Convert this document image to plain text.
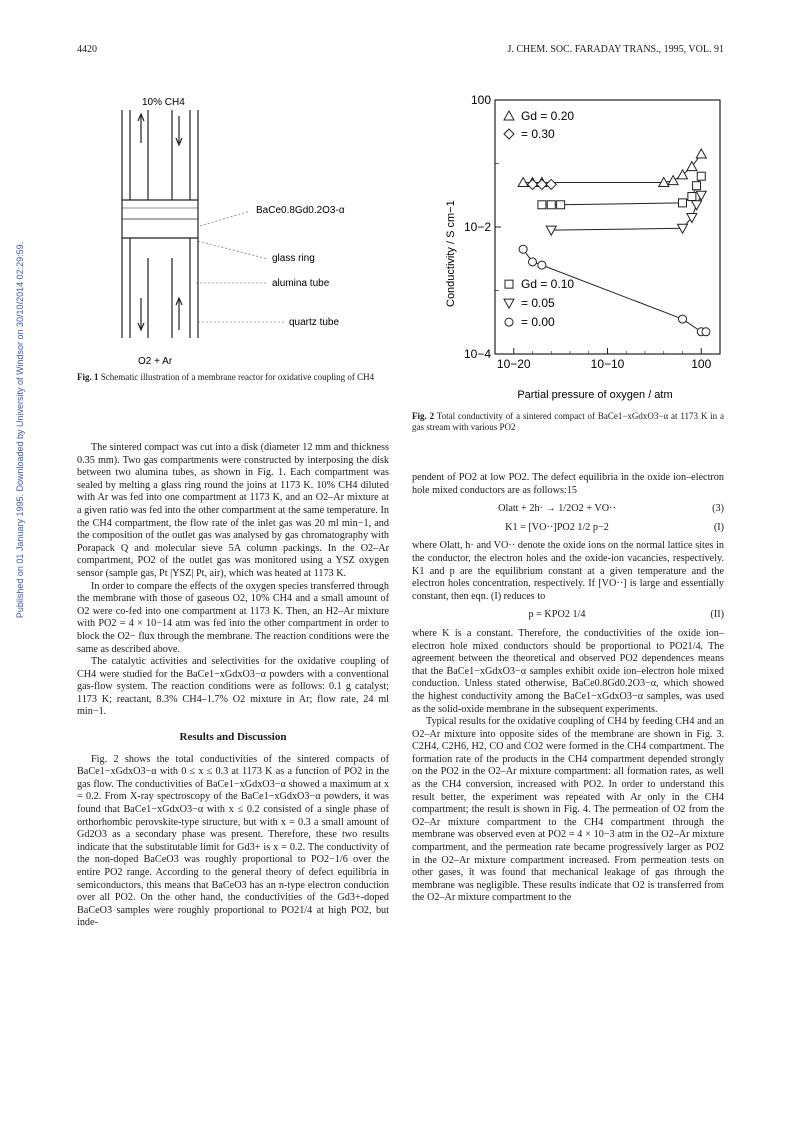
4420	J. CHEM. SOC. FARADAY TRANS., 1995, VOL. 91
Published on 01 January 1995. Downloaded by University of Windsor on 30/10/2014 02:29:59.
10% CH4
BaCe0.8Gd0.2O3-α
glass ring
alumina tube
quartz tube
O2 + Ar
Fig. 1 Schematic illustration of a membrane reactor for oxidative coupling of CH4
Conductivity / S cm−1
Partial pressure of oxygen / atm
10−20	10−10	100
100
10−2
10−4
Gd = 0.20
= 0.30
Gd = 0.10
= 0.05
= 0.00
Fig. 2 Total conductivity of a sintered compact of BaCe1−xGdxO3−α at 1173 K in a gas stream with various PO2

The sintered compact was cut into a disk (diameter 12 mm and thickness 0.35 mm). Two gas compartments were constructed by interposing the disk between two alumina tubes, as shown in Fig. 1. Each compartment was sealed by melting a glass ring round the joins at 1173 K. 10% CH4 diluted with Ar was fed into one compartment at 1173 K, and an O2–Ar mixture at a given ratio was fed into the other compartment at the same temperature. In the CH4 compartment, the flow rate of the inlet gas was 20 ml min−1, and the composition of the outlet gas was analysed by gas chromatography with Porapack Q and molecular sieve 5A column packings. In the O2–Ar compartment, PO2 of the outlet gas was monitored using a YSZ oxygen sensor (sample gas, Pt |YSZ| Pt, air), which was heated at 1173 K.

In order to compare the effects of the oxygen species transferred through the membrane with those of gaseous O2, 10% CH4 and a small amount of O2 were co-fed into one compartment at 1173 K. Then, an H2–Ar mixture with PO2 = 4 × 10−14 atm was fed into the other compartment in order to block the O2− flux through the membrane. The reaction conditions were the same as described above.

The catalytic activities and selectivities for the oxidative coupling of CH4 were studied for the BaCe1−xGdxO3−α powders with a conventional gas-flow system. The reaction conditions were as follows: 0.1 g catalyst; 1173 K; reactant, 8.3% CH4–1.7% O2 mixture in Ar; flow rate, 24 ml min−1.

Results and Discussion

Fig. 2 shows the total conductivities of the sintered compacts of BaCe1−xGdxO3−α with 0 ≤ x ≤ 0.3 at 1173 K as a function of PO2 in the gas flow. The conductivities of BaCe1−xGdxO3−α showed a maximum at x = 0.2. From X-ray spectroscopy of the BaCe1−xGdxO3−α powders, it was found that BaCe1−xGdxO3−α with x ≤ 0.2 consisted of a single phase of orthorhombic perovskite-type structure, but with x = 0.3 a small amount of Gd2O3 as a secondary phase was present. Therefore, these two results indicate that the substitutable limit for Gd3+ is x = 0.2. The conductivity of the non-doped BaCeO3 was roughly proportional to PO2−1/6 over the entire PO2 range. According to the general theory of defect equilibria in semiconductors, this means that BaCeO3 has an n-type electron conduction over all PO2. On the other hand, the conductivities of the Gd3+-doped BaCeO3 samples were roughly proportional to PO21/4 at high PO2, but inde-

pendent of PO2 at low PO2. The defect equilibria in the oxide ion–electron hole mixed conductors are as follows:15

Olatt + 2h· → 1/2O2 + VO··	(3)
K1 = [VO··]PO2 1/2 p−2	(I)

where Olatt, h· and VO·· denote the oxide ions on the normal lattice sites in the conductor, the electron holes and the oxide-ion vacancies, respectively. K1 and p are the equilibrium constant at a given temperature and the electron holes concentration, respectively. If [VO··] is large and essentially constant, then eqn. (I) reduces to

p = KPO2 1/4	(II)

where K is a constant. Therefore, the conductivities of the oxide ion–electron hole mixed conductors should be proportional to PO21/4. The agreement between the theoretical and observed PO2 dependences means that the BaCe1−xGdxO3−α samples exhibit oxide ion–electron hole mixed conduction. Unless stated otherwise, BaCe0.8Gd0.2O3−α, which showed the highest conductivity among the BaCe1−xGdxO3−α samples, was used as the solid-oxide membrane in the subsequent experiments.

Typical results for the oxidative coupling of CH4 by feeding CH4 and an O2–Ar mixture into opposite sides of the membrane are shown in Fig. 3. C2H4, C2H6, H2, CO and CO2 were formed in the CH4 compartment. The formation rate of the products in the CH4 compartment depended strongly on the PO2 in the O2–Ar mixture compartment: all formation rates, as well as the CH4 conversion, increased with PO2. In order to understand this result better, the experiment was repeated with Ar only in the CH4 compartment; the result is shown in Fig. 4. The permeation of O2 from the O2–Ar mixture compartment to the CH4 compartment through the membrane was observed even at PO2 = 4 × 10−3 atm in the O2–Ar mixture compartment, and the permeation rate became progressively larger as PO2 in the O2–Ar mixture compartment increased. From permeation tests on other gases, it was found that mechanical leakage of gas through the membrane was negligible. These results indicate that O2 is transferred from the O2–Ar mixture compartment to the
